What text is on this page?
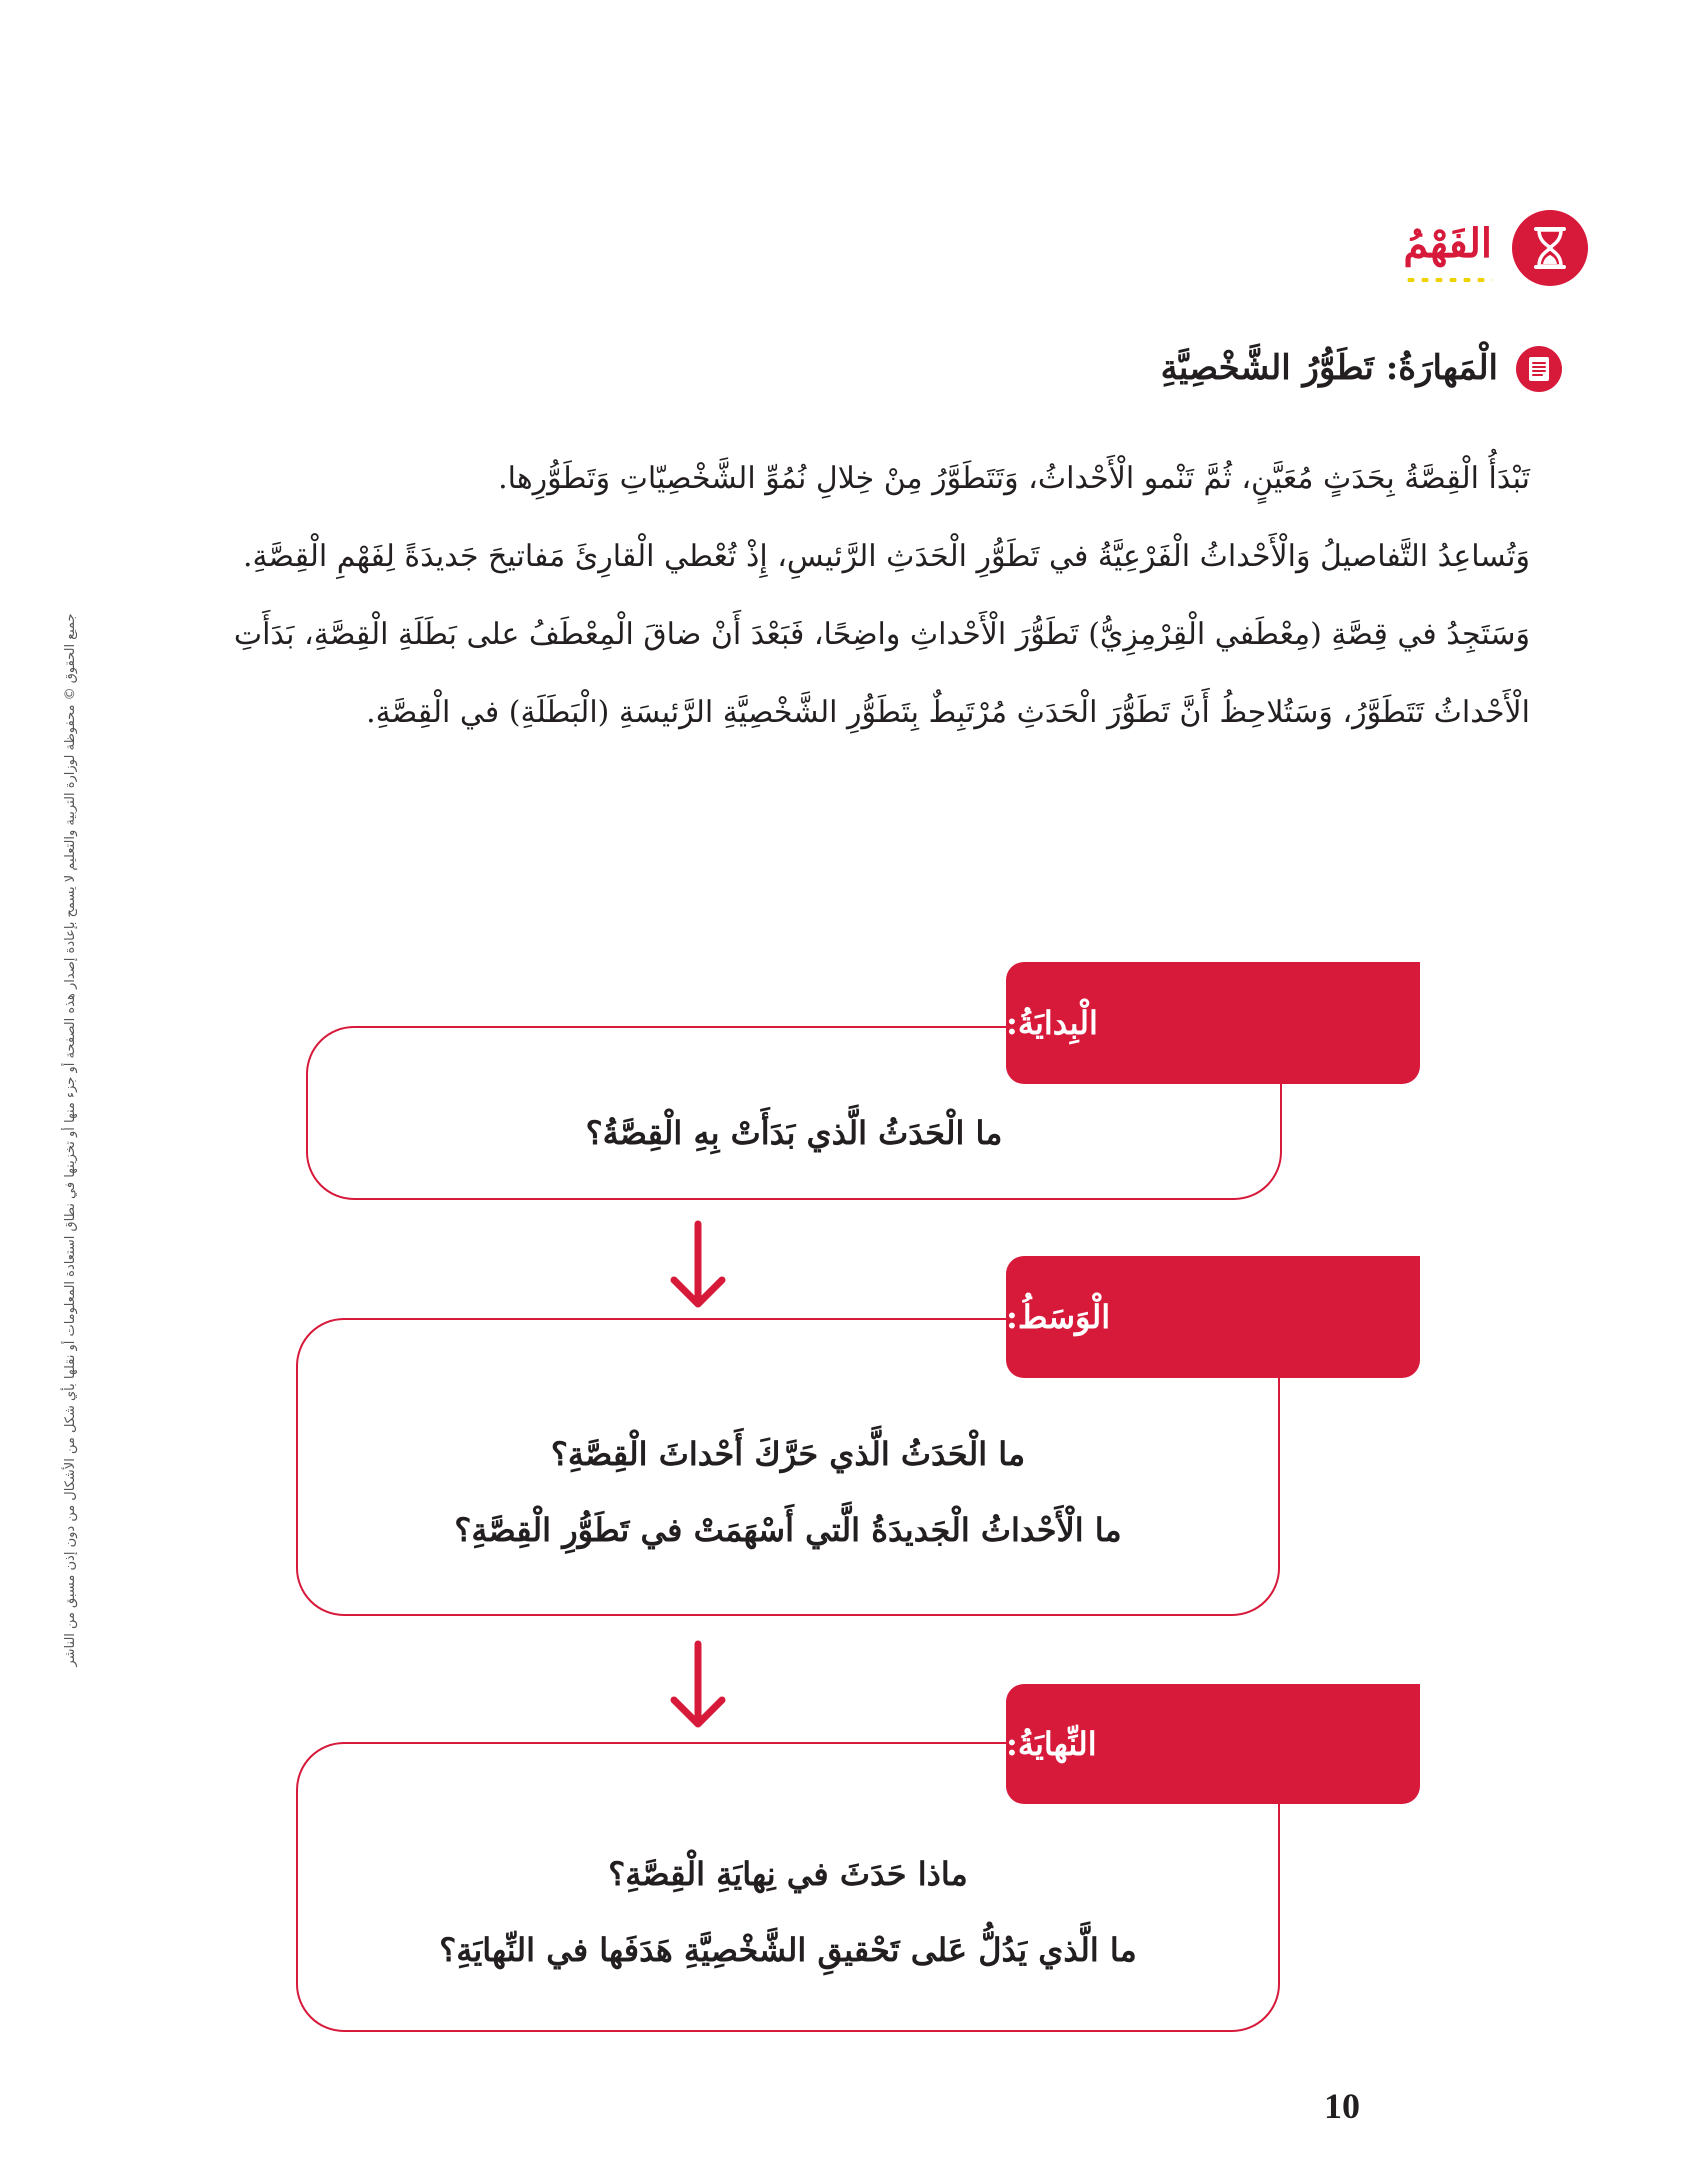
جميع الحقوق © محفوظة لوزارة التربية والتعليم لا يسمح بإعادة إصدار هذه الصفحة أو جزء منها أو تخزينها في نطاق استعادة المعلومات أو نقلها بأي شكل من الأشكال من دون إذن مسبق من الناشر
الفَهْمُ
الْمَهارَةُ: تَطَوُّرُ الشَّخْصِيَّةِ

تَبْدَأُ الْقِصَّةُ بِحَدَثٍ مُعَيَّنٍ، ثُمَّ تَنْمو الْأَحْداثُ، وَتَتَطَوَّرُ مِنْ خِلالِ نُمُوِّ الشَّخْصِيّاتِ وَتَطَوُّرِها.

وَتُساعِدُ التَّفاصيلُ وَالْأَحْداثُ الْفَرْعِيَّةُ في تَطَوُّرِ الْحَدَثِ الرَّئيسِ، إِذْ تُعْطي الْقارِئَ مَفاتيحَ جَديدَةً لِفَهْمِ الْقِصَّةِ.

وَسَتَجِدُ في قِصَّةِ (مِعْطَفي الْقِرْمِزِيُّ) تَطَوُّرَ الْأَحْداثِ واضِحًا، فَبَعْدَ أَنْ ضاقَ الْمِعْطَفُ على بَطَلَةِ الْقِصَّةِ، بَدَأَتِ الْأَحْداثُ تَتَطَوَّرُ، وَسَتُلاحِظُ أَنَّ تَطَوُّرَ الْحَدَثِ مُرْتَبِطٌ بِتَطَوُّرِ الشَّخْصِيَّةِ الرَّئيسَةِ (الْبَطَلَةِ) في الْقِصَّةِ.

ما الْحَدَثُ الَّذي بَدَأَتْ بِهِ الْقِصَّةُ؟
الْبِدايَةُ:
ما الْحَدَثُ الَّذي حَرَّكَ أَحْداثَ الْقِصَّةِ؟
ما الْأَحْداثُ الْجَديدَةُ الَّتي أَسْهَمَتْ في تَطَوُّرِ الْقِصَّةِ؟
الْوَسَطُ:
ماذا حَدَثَ في نِهايَةِ الْقِصَّةِ؟
ما الَّذي يَدُلُّ عَلى تَحْقيقِ الشَّخْصِيَّةِ هَدَفَها في النِّهايَةِ؟
النِّهايَةُ:
10
